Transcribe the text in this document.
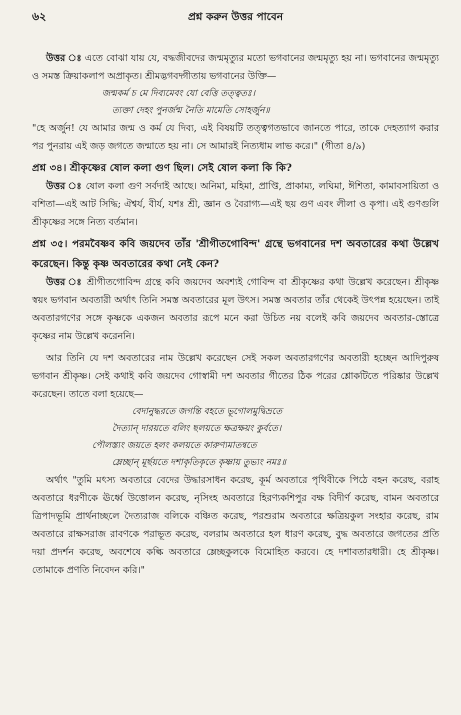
৬২	প্রশ্ন করুন উত্তর পাবেন

উত্তর ঃ এতে বোঝা যায় যে, বদ্ধজীবদের জন্মমৃত্যুর মতো ভগবানের জন্মমৃত্যু হয় না। ভগবানের জন্মমৃত্যু ও সমস্ত ক্রিয়াকলাপ অপ্রাকৃত। শ্রীমদ্ভগবদ্গীতায় ভগবানের উক্তি—

জন্মকর্ম চ মে দিব্যমেবং যো বেত্তি তত্ত্বতঃ।
ত্যক্তা দেহং পুনর্জন্ম নৈতি মামেতি সোহর্জুন॥

"হে অর্জুন! যে আমার জন্ম ও কর্ম যে দিব্য, এই বিষয়টি তত্ত্বগতভাবে জানতে পারে, তাকে দেহত্যাগ করার পর পুনরায় এই জড় জগতে জন্মাতে হয় না। সে আমারই নিত্যধাম লাভ করে।" (গীতা ৪/৯)

প্রশ্ন ৩৪। শ্রীকৃষ্ণের ষোল কলা গুণ ছিল। সেই ষোল কলা কি কি?

উত্তর ঃ ষোল কলা গুণ সর্বদাই আছে। অনিমা, মহিমা, প্রাপ্তি, প্রাকাম্য, লঘিমা, ঈশিতা, কামাবসায়িতা ও বশিতা—এই আট সিদ্ধি; ঐশ্বর্য, বীর্য, যশঃ শ্রী, জ্ঞান ও বৈরাগ্য—এই ছয় গুণ এবং লীলা ও কৃপা। এই গুণগুলি শ্রীকৃষ্ণের সঙ্গে নিত্য বর্তমান।

প্রশ্ন ৩৫। পরমবৈষ্ণব কবি জয়দেব তাঁর 'শ্রীগীতগোবিন্দ' গ্রন্থে ভগবানের দশ অবতারের কথা উল্লেখ করেছেন। কিন্তু কৃষ্ণ অবতারের কথা নেই কেন?

উত্তর ঃ শ্রীগীতগোবিন্দ গ্রন্থে কবি জয়দেব অবশ্যই গোবিন্দ বা শ্রীকৃষ্ণের কথা উল্লেখ করেছেন। শ্রীকৃষ্ণ স্বয়ং ভগবান অবতারী অর্থাৎ তিনি সমস্ত অবতারের মূল উৎস। সমস্ত অবতার তাঁর থেকেই উৎপন্ন হয়েছেন। তাই অবতারগণের সঙ্গে কৃষ্ণকে একজন অবতার রূপে মনে করা উচিত নয় বলেই কবি জয়দেব অবতার-স্তোত্রে কৃষ্ণের নাম উল্লেখ করেননি।

আর তিনি যে দশ অবতারের নাম উল্লেখ করেছেন সেই সকল অবতারগণের অবতারী হচ্ছেন আদিপুরুষ ভগবান শ্রীকৃষ্ণ। সেই কথাই কবি জয়দেব গোস্বামী দশ অবতার গীতের ঠিক পরের শ্লোকটিতে পরিষ্কার উল্লেখ করেছেন। তাতে বলা হয়েছে—

বেদানুদ্ধরতে জগন্তি বহতে ভূগোলমুদ্বিভ্রতে
দৈত্যান্ দারয়তে বলিং ছলয়তে ক্ষত্রক্ষয়ং কুর্বতে।
পৌলস্ত্যং জয়তে হলং কলয়তে কারুণ্যমাতন্বতে
ম্লেচ্ছান্ মূর্ছয়তে দশাকৃতিকৃতে কৃষ্ণায় তুভ্যং নমঃ॥

অর্থাৎ "তুমি মৎস্য অবতারে বেদের উদ্ধারসাধন করেছ, কূর্ম অবতারে পৃথিবীকে পিঠে বহন করেছ, বরাহ অবতারে ধরণীকে ঊর্ধ্বে উত্তোলন করেছ, নৃসিংহ অবতারে হিরণ্যকশিপুর বক্ষ বিদীর্ণ করেছ, বামন অবতারে ত্রিপাদভূমি প্রার্থনাচ্ছলে দৈত্যরাজ বলিকে বঞ্চিত করেছ, পরশুরাম অবতারে ক্ষত্রিয়কুল সংহার করেছ, রাম অবতারে রাক্ষসরাজ রাবণকে পরাভূত করেছ, বলরাম অবতারে হল ধারণ করেছ, বুদ্ধ অবতারে জগতের প্রতি দয়া প্রদর্শন করেছ, অবশেষে কল্কি অবতারে ম্লেচ্ছকুলকে বিমোহিত করবে। হে দশাবতারধারী। হে শ্রীকৃষ্ণ। তোমাকে প্রণতি নিবেদন করি।"
